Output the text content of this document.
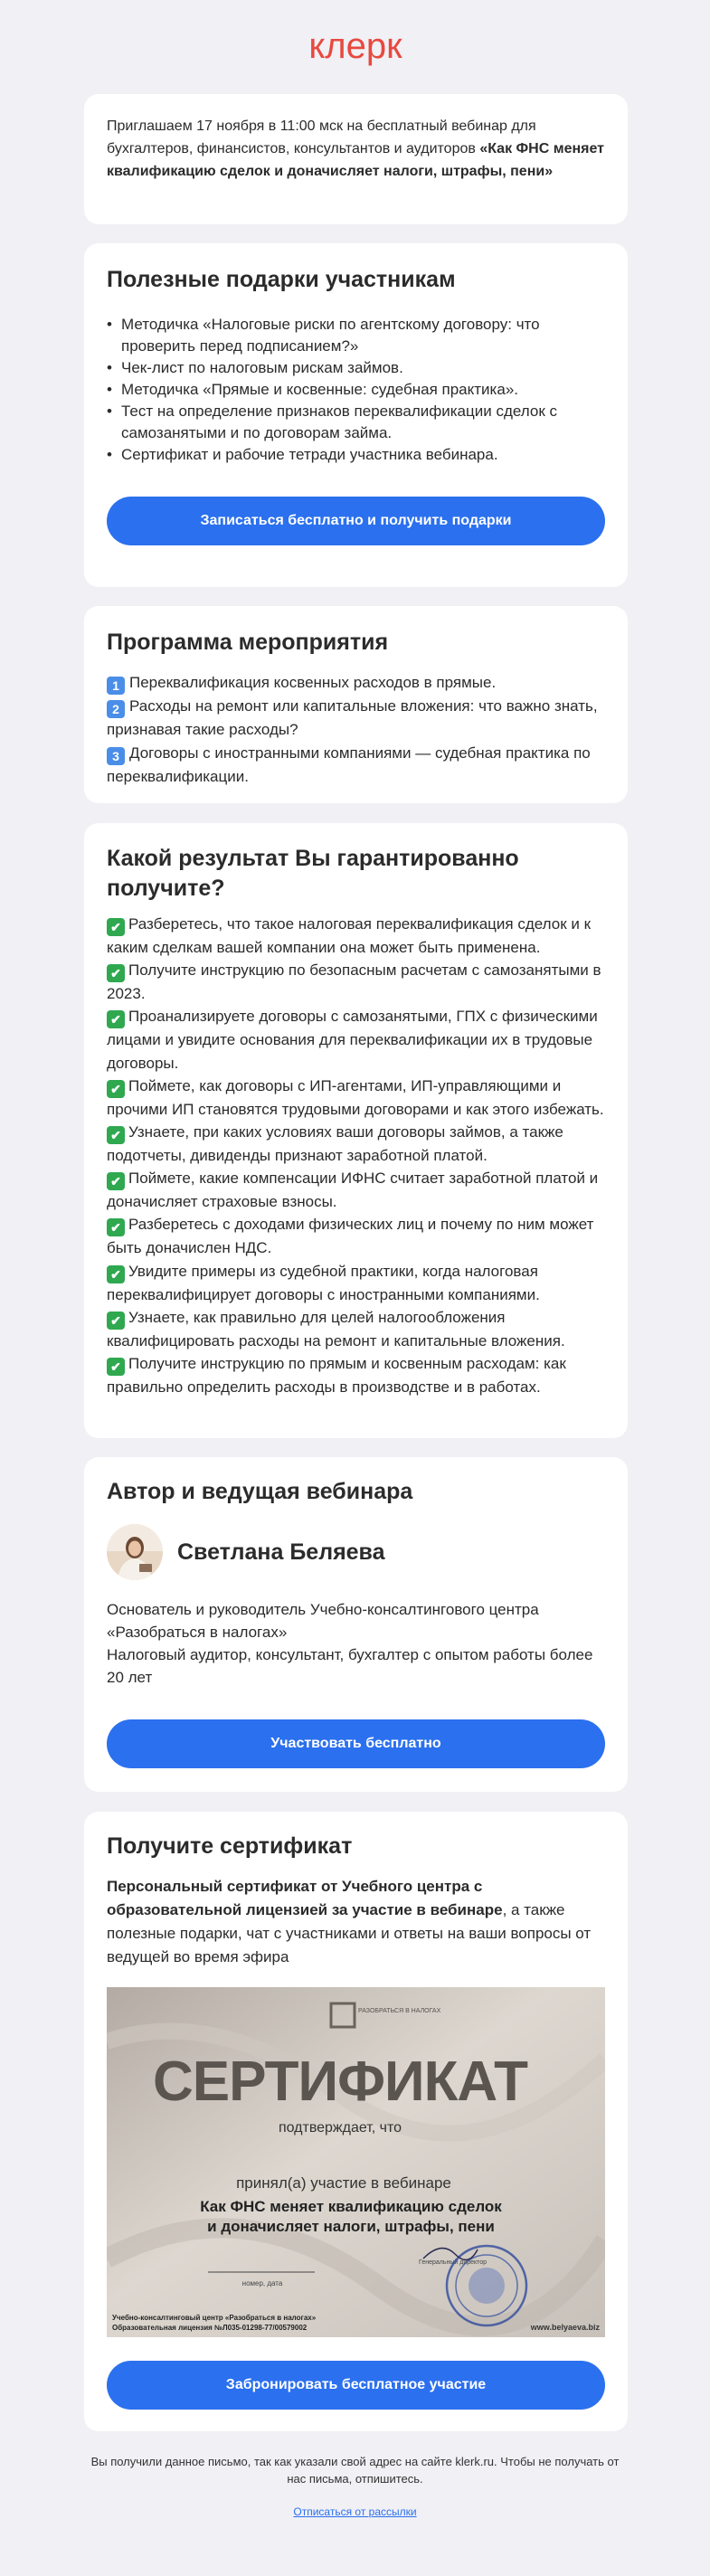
клерк

Приглашаем 17 ноября в 11:00 мск на бесплатный вебинар для бухгалтеров, финансистов, консультантов и аудиторов «Как ФНС меняет квалификацию сделок и доначисляет налоги, штрафы, пени»

Полезные подарки участникам
• Методичка «Налоговые риски по агентскому договору: что проверить перед подписанием?»
• Чек-лист по налоговым рискам займов.
• Методичка «Прямые и косвенные: судебная практика».
• Тест на определение признаков переквалификации сделок с самозанятыми и по договорам займа.
• Сертификат и рабочие тетради участника вебинара.
Записаться бесплатно и получить подарки
Программа мероприятия
1 Переквалификация косвенных расходов в прямые.
2 Расходы на ремонт или капитальные вложения: что важно знать, признавая такие расходы?
3 Договоры с иностранными компаниями — судебная практика по переквалификации.
Какой результат Вы гарантированно получите?
✔ Разберетесь, что такое налоговая переквалификация сделок и к каким сделкам вашей компании она может быть применена.
✔ Получите инструкцию по безопасным расчетам с самозанятыми в 2023.
✔ Проанализируете договоры с самозанятыми, ГПХ с физическими лицами и увидите основания для переквалификации их в трудовые договоры.
✔ Поймете, как договоры с ИП-агентами, ИП-управляющими и прочими ИП становятся трудовыми договорами и как этого избежать.
✔ Узнаете, при каких условиях ваши договоры займов, а также подотчеты, дивиденды признают заработной платой.
✔ Поймете, какие компенсации ИФНС считает заработной платой и доначисляет страховые взносы.
✔ Разберетесь с доходами физических лиц и почему по ним может быть доначислен НДС.
✔ Увидите примеры из судебной практики, когда налоговая переквалифицирует договоры с иностранными компаниями.
✔ Узнаете, как правильно для целей налогообложения квалифицировать расходы на ремонт и капитальные вложения.
✔ Получите инструкцию по прямым и косвенным расходам: как правильно определить расходы в производстве и в работах.
Автор и ведущая вебинара
Светлана Беляева
Основатель и руководитель Учебно-консалтингового центра «Разобраться в налогах»
Налоговый аудитор, консультант, бухгалтер с опытом работы более 20 лет
Участвовать бесплатно
Получите сертификат

Персональный сертификат от Учебного центра с образовательной лицензией за участие в вебинаре, а также полезные подарки, чат с участниками и ответы на ваши вопросы от ведущей во время эфира

РАЗОБРАТЬСЯ В НАЛОГАХ
СЕРТИФИКАТ
подтверждает, что
принял(а) участие в вебинаре
Как ФНС меняет квалификацию сделок
и доначисляет налоги, штрафы, пени
номер, дата
Генеральный директор
Учебно-консалтинговый центр «Разобраться в налогах»
Образовательная лицензия №Л035-01298-77/00579002	www.belyaeva.biz
Забронировать бесплатное участие
Вы получили данное письмо, так как указали свой адрес на сайте klerk.ru. Чтобы не получать от нас письма, отпишитесь.
Отписаться от рассылки
